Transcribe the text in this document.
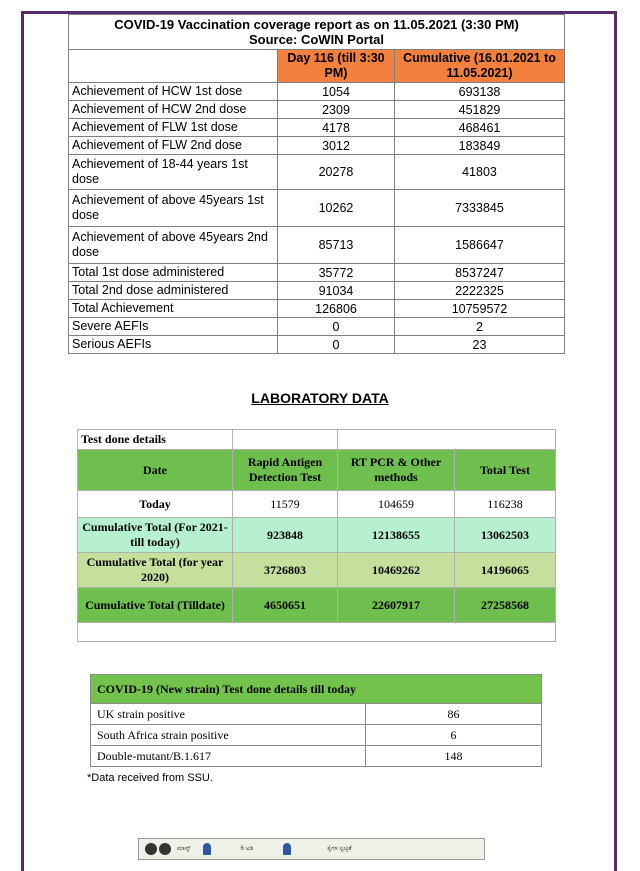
COVID-19 Vaccination coverage report as on 11.05.2021 (3:30 PM)
Source: CoWIN Portal		

	Day 116 (till 3:30 PM)	Cumulative (16.01.2021 to 11.05.2021)
Achievement of HCW 1st dose	1054	693138
Achievement of HCW 2nd dose	2309	451829
Achievement of FLW 1st dose	4178	468461
Achievement of FLW 2nd dose	3012	183849
Achievement of 18-44 years 1st dose	20278	41803
Achievement of above 45years 1st dose	10262	7333845
Achievement of above 45years 2nd dose	85713	1586647
Total 1st dose administered	35772	8537247
Total 2nd dose administered	91034	2222325
Total Achievement	126806	10759572
Severe AEFIs	0	2
Serious AEFIs	0	23
LABORATORY DATA
Test done details			
Date	Rapid Antigen Detection Test	RT PCR & Other methods	Total Test
Today	11579	104659	116238
Cumulative Total (For 2021- till today)	923848	12138655	13062503
Cumulative Total (for year 2020)	3726803	10469262	14196065
Cumulative Total (Tilldate)	4650651	22607917	27258568

COVID-19 (New strain) Test done details till today	
UK strain positive	86
South Africa strain positive	6
Double-mutant/B.1.617	148
*Data received from SSU.
ಮಾಸ್ಕ್	6 ಅಡಿ	ಕೈಗಳ ಸ್ವಚ್ಛತೆ
